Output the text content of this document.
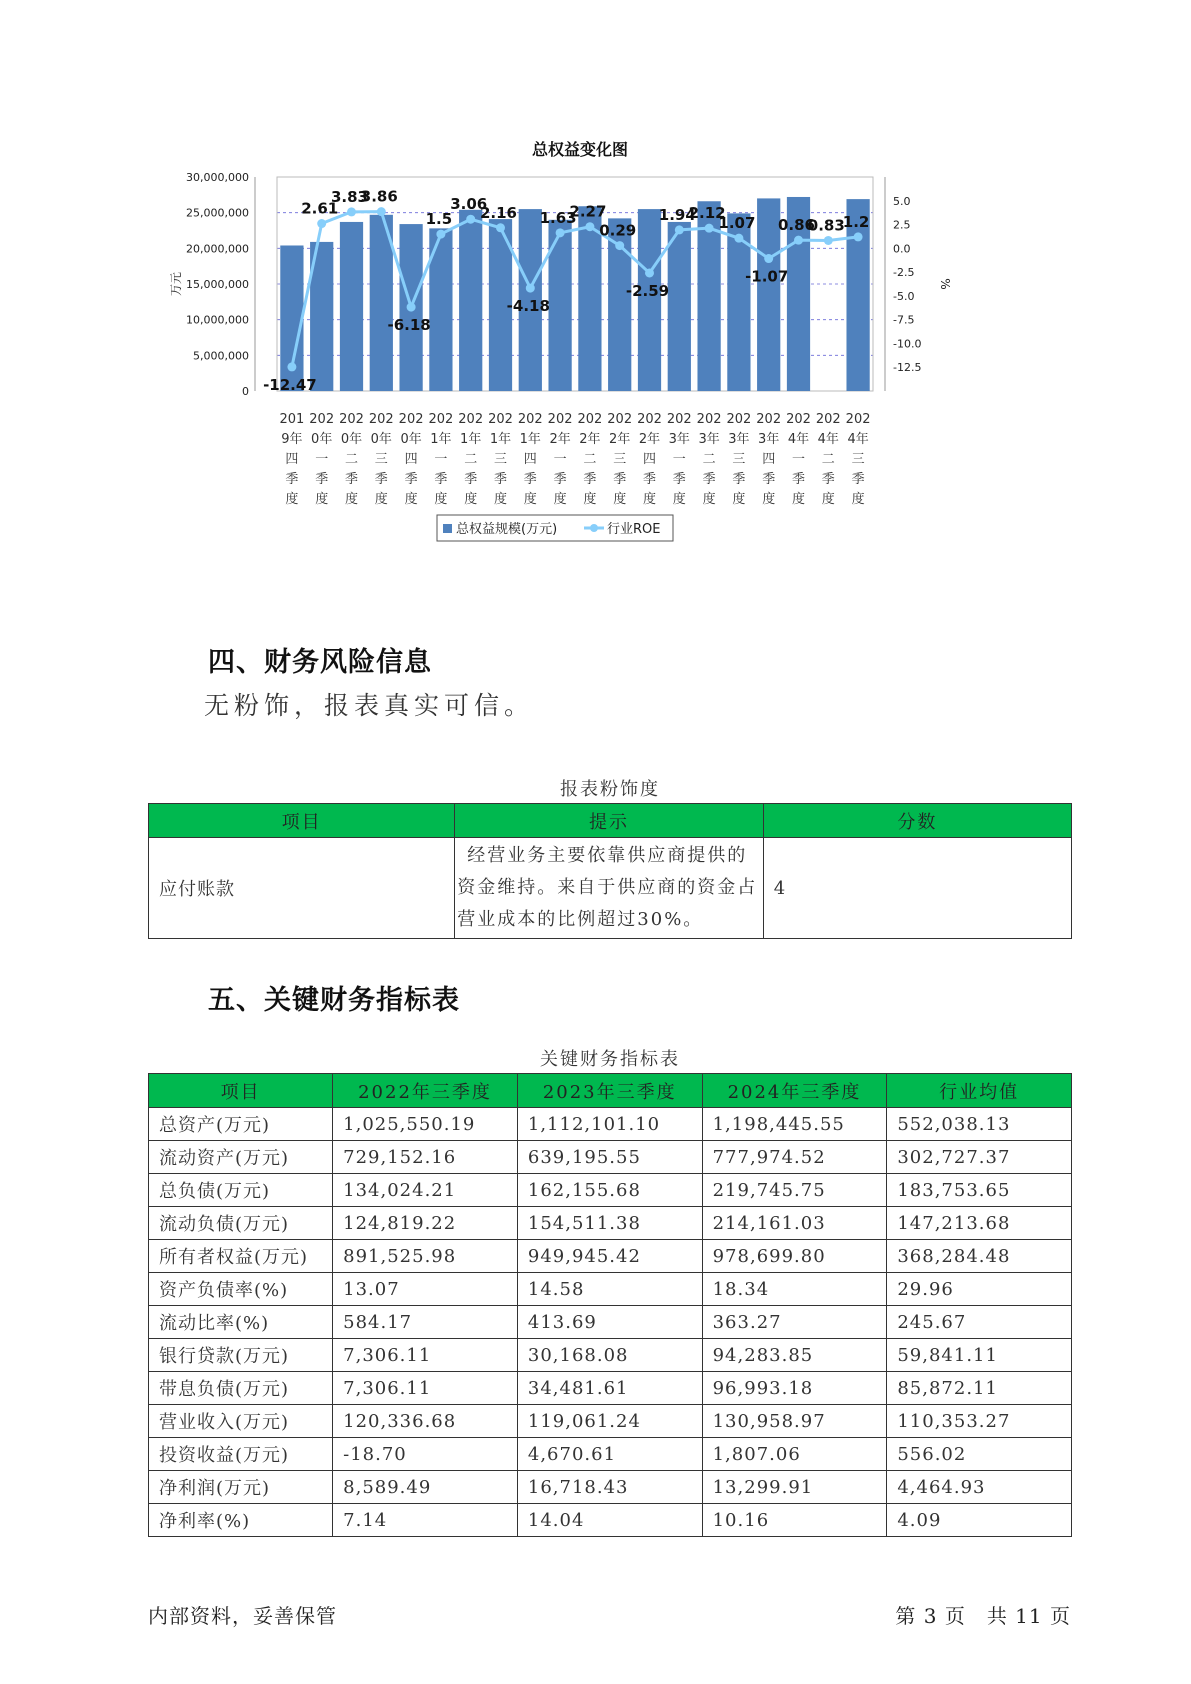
总权益变化图
0
5,000,000
10,000,000
15,000,000
20,000,000
25,000,000
30,000,000
5.0
2.5
0.0
-2.5
-5.0
-7.5
-10.0
-12.5
万元	%
-12.47
2.61
3.83
3.86
-6.18
1.5
3.06
2.16
-4.18
1.63
2.27
0.29
-2.59
1.94
2.12
1.07
-1.07
0.86
0.83
1.2
201
9年
四
季
度
202
0年
一
季
度
202
0年
二
季
度
202
0年
三
季
度
202
0年
四
季
度
202
1年
一
季
度
202
1年
二
季
度
202
1年
三
季
度
202
1年
四
季
度
202
2年
一
季
度
202
2年
二
季
度
202
2年
三
季
度
202
2年
四
季
度
202
3年
一
季
度
202
3年
二
季
度
202
3年
三
季
度
202
3年
四
季
度
202
4年
一
季
度
202
4年
二
季
度
202
4年
三
季
度
总权益规模(万元)	行业ROE
四、财务风险信息
无粉饰，报表真实可信。
报表粉饰度
项目	提示	分数
应付账款	经营业务主要依靠供应商提供的资金维持。来自于供应商的资金占营业成本的比例超过30%。	4
五、关键财务指标表
关键财务指标表
项目	2022年三季度	2023年三季度	2024年三季度	行业均值
总资产(万元)	1,025,550.19	1,112,101.10	1,198,445.55	552,038.13
流动资产(万元)	729,152.16	639,195.55	777,974.52	302,727.37
总负债(万元)	134,024.21	162,155.68	219,745.75	183,753.65
流动负债(万元)	124,819.22	154,511.38	214,161.03	147,213.68
所有者权益(万元)	891,525.98	949,945.42	978,699.80	368,284.48
资产负债率(%)	13.07	14.58	18.34	29.96
流动比率(%)	584.17	413.69	363.27	245.67
银行贷款(万元)	7,306.11	30,168.08	94,283.85	59,841.11
带息负债(万元)	7,306.11	34,481.61	96,993.18	85,872.11
营业收入(万元)	120,336.68	119,061.24	130,958.97	110,353.27
投资收益(万元)	-18.70	4,670.61	1,807.06	556.02
净利润(万元)	8,589.49	16,718.43	13,299.91	4,464.93
净利率(%)	7.14	14.04	10.16	4.09
内部资料，妥善保管	第 3 页　共 11 页
